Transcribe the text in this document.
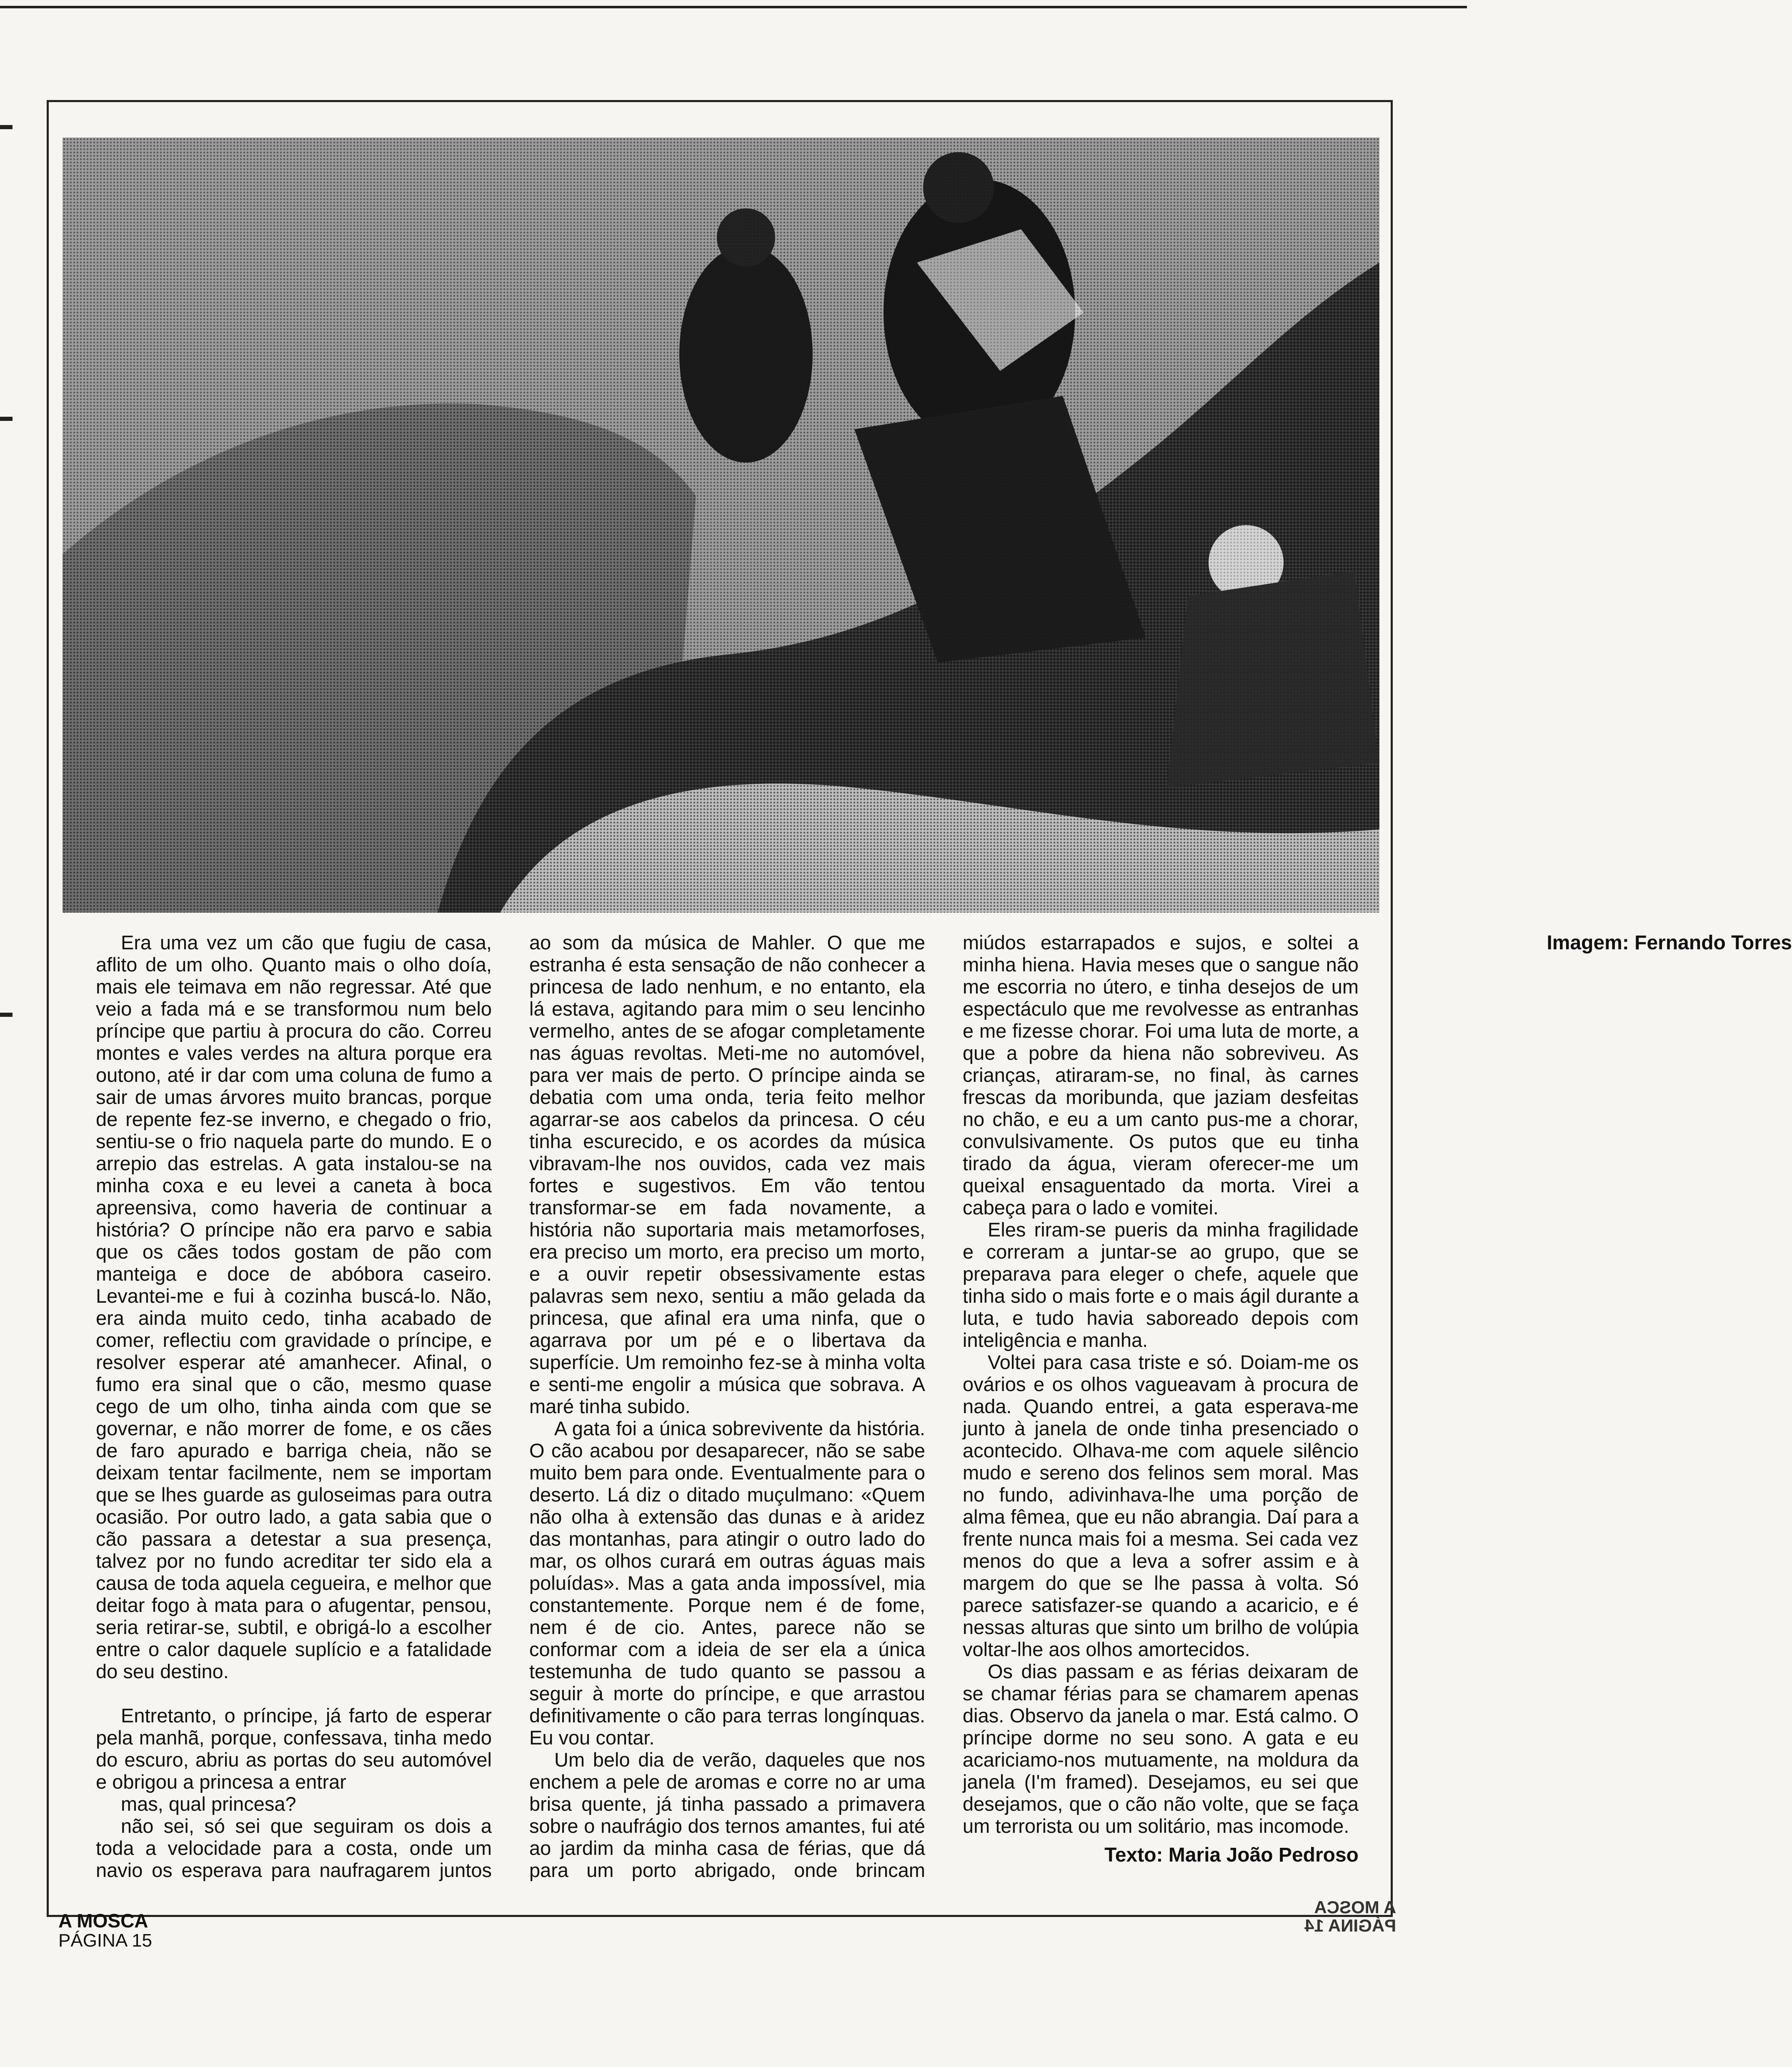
Era uma vez um cão que fugiu de casa, aflito de um olho. Quanto mais o olho doía, mais ele teimava em não regressar. Até que veio a fada má e se transformou num belo príncipe que partiu à procura do cão. Correu montes e vales verdes na altura porque era outono, até ir dar com uma coluna de fumo a sair de umas árvores muito brancas, porque de repente fez-se inverno, e chegado o frio, sentiu-se o frio naquela parte do mundo. E o arrepio das estrelas. A gata instalou-se na minha coxa e eu levei a caneta à boca apreensiva, como haveria de continuar a história? O príncipe não era parvo e sabia que os cães todos gostam de pão com manteiga e doce de abóbora caseiro. Levantei-me e fui à cozinha buscá-lo. Não, era ainda muito cedo, tinha acabado de comer, reflectiu com gravidade o príncipe, e resolver esperar até amanhecer. Afinal, o fumo era sinal que o cão, mesmo quase cego de um olho, tinha ainda com que se governar, e não morrer de fome, e os cães de faro apurado e barriga cheia, não se deixam tentar facilmente, nem se importam que se lhes guarde as guloseimas para outra ocasião. Por outro lado, a gata sabia que o cão passara a detestar a sua presença, talvez por no fundo acreditar ter sido ela a causa de toda aquela cegueira, e melhor que deitar fogo à mata para o afugentar, pensou, seria retirar-se, subtil, e obrigá-lo a escolher entre o calor daquele suplício e a fatalidade do seu destino.

Entretanto, o príncipe, já farto de esperar pela manhã, porque, confessava, tinha medo do escuro, abriu as portas do seu automóvel e obrigou a princesa a entrar

mas, qual princesa?

não sei, só sei que seguiram os dois a toda a velocidade para a costa, onde um navio os esperava para naufragarem juntos ao som da música de Mahler. O que me estranha é esta sensação de não conhecer a princesa de lado nenhum, e no entanto, ela lá estava, agitando para mim o seu lencinho vermelho, antes de se afogar completamente nas águas revoltas. Meti-me no automóvel, para ver mais de perto. O príncipe ainda se debatia com uma onda, teria feito melhor agarrar-se aos cabelos da princesa. O céu tinha escurecido, e os acordes da música vibravam-lhe nos ouvidos, cada vez mais fortes e sugestivos. Em vão tentou transformar-se em fada novamente, a história não suportaria mais metamorfoses, era preciso um morto, era preciso um morto, e a ouvir repetir obsessivamente estas palavras sem nexo, sentiu a mão gelada da princesa, que afinal era uma ninfa, que o agarrava por um pé e o libertava da superfície. Um remoinho fez-se à minha volta e senti-me engolir a música que sobrava. A maré tinha subido.

A gata foi a única sobrevivente da história. O cão acabou por desaparecer, não se sabe muito bem para onde. Eventualmente para o deserto. Lá diz o ditado muçulmano: «Quem não olha à extensão das dunas e à aridez das montanhas, para atingir o outro lado do mar, os olhos curará em outras águas mais poluídas». Mas a gata anda impossível, mia constantemente. Porque nem é de fome, nem é de cio. Antes, parece não se conformar com a ideia de ser ela a única testemunha de tudo quanto se passou a seguir à morte do príncipe, e que arrastou definitivamente o cão para terras longínquas. Eu vou contar.

Um belo dia de verão, daqueles que nos enchem a pele de aromas e corre no ar uma brisa quente, já tinha passado a primavera sobre o naufrágio dos ternos amantes, fui até ao jardim da minha casa de férias, que dá para um porto abrigado, onde brincam miúdos estarrapados e sujos, e soltei a minha hiena. Havia meses que o sangue não me escorria no útero, e tinha desejos de um espectáculo que me revolvesse as entranhas e me fizesse chorar. Foi uma luta de morte, a que a pobre da hiena não sobreviveu. As crianças, atiraram-se, no final, às carnes frescas da moribunda, que jaziam desfeitas no chão, e eu a um canto pus-me a chorar, convulsivamente. Os putos que eu tinha tirado da água, vieram oferecer-me um queixal ensaguentado da morta. Virei a cabeça para o lado e vomitei.

Eles riram-se pueris da minha fragilidade e correram a juntar-se ao grupo, que se preparava para eleger o chefe, aquele que tinha sido o mais forte e o mais ágil durante a luta, e tudo havia saboreado depois com inteligência e manha.

Voltei para casa triste e só. Doiam-me os ovários e os olhos vagueavam à procura de nada. Quando entrei, a gata esperava-me junto à janela de onde tinha presenciado o acontecido. Olhava-me com aquele silêncio mudo e sereno dos felinos sem moral. Mas no fundo, adivinhava-lhe uma porção de alma fêmea, que eu não abrangia. Daí para a frente nunca mais foi a mesma. Sei cada vez menos do que a leva a sofrer assim e à margem do que se lhe passa à volta. Só parece satisfazer-se quando a acaricio, e é nessas alturas que sinto um brilho de volúpia voltar-lhe aos olhos amortecidos.

Os dias passam e as férias deixaram de se chamar férias para se chamarem apenas dias. Observo da janela o mar. Está calmo. O príncipe dorme no seu sono. A gata e eu acariciamo-nos mutuamente, na moldura da janela (I'm framed). Desejamos, eu sei que desejamos, que o cão não volte, que se faça um terrorista ou um solitário, mas incomode.

Texto: Maria João Pedroso
Imagem: Fernando Torres
A MOSCA
PÁGINA 15
A MOSCA
PÁGINA 14
